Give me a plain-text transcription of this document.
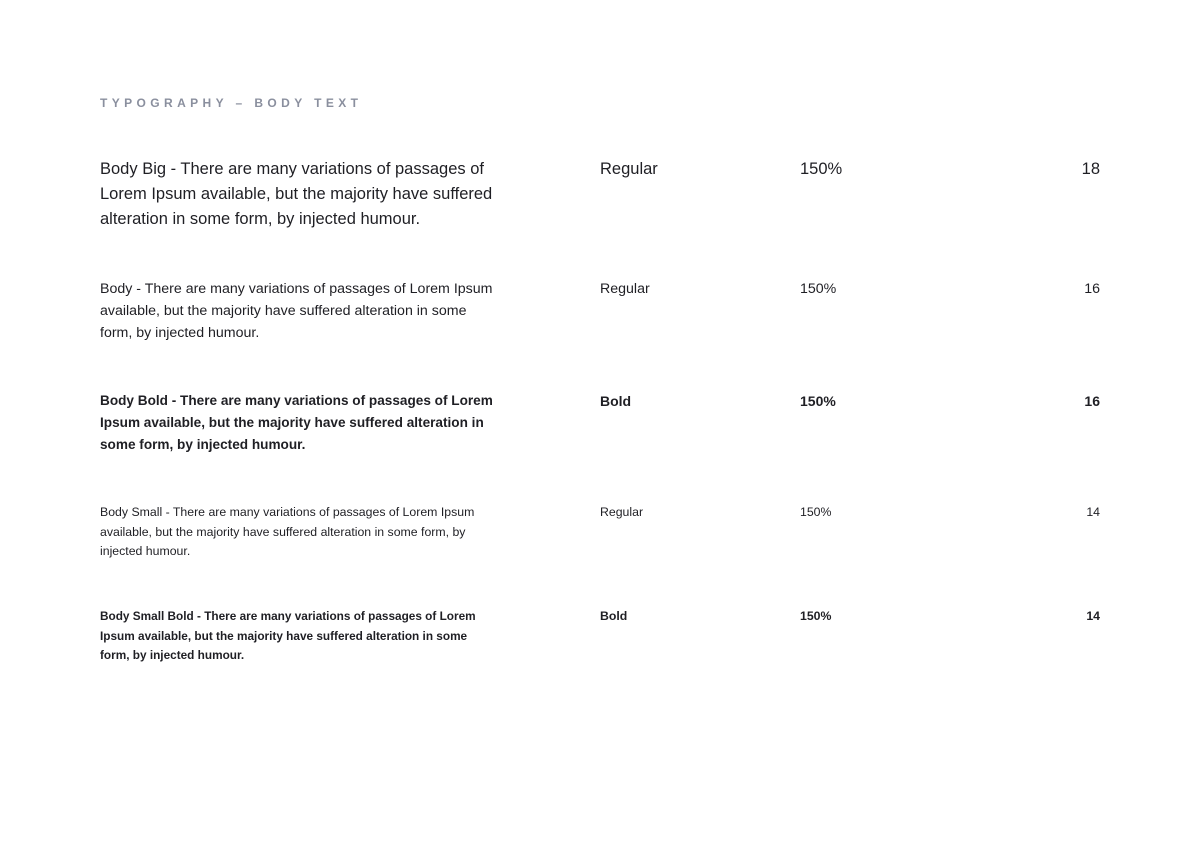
TYPOGRAPHY – BODY TEXT
Body Big - There are many variations of passages of Lorem Ipsum available, but the majority have suffered alteration in some form, by injected humour.
Regular	150%	18
Body - There are many variations of passages of Lorem Ipsum available, but the majority have suffered alteration in some form, by injected humour.
Regular	150%	16
Body Bold - There are many variations of passages of Lorem Ipsum available, but the majority have suffered alteration in some form, by injected humour.
Bold	150%	16
Body Small - There are many variations of passages of Lorem Ipsum available, but the majority have suffered alteration in some form, by injected humour.
Regular	150%	14
Body Small Bold - There are many variations of passages of Lorem Ipsum available, but the majority have suffered alteration in some form, by injected humour.
Bold	150%	14
